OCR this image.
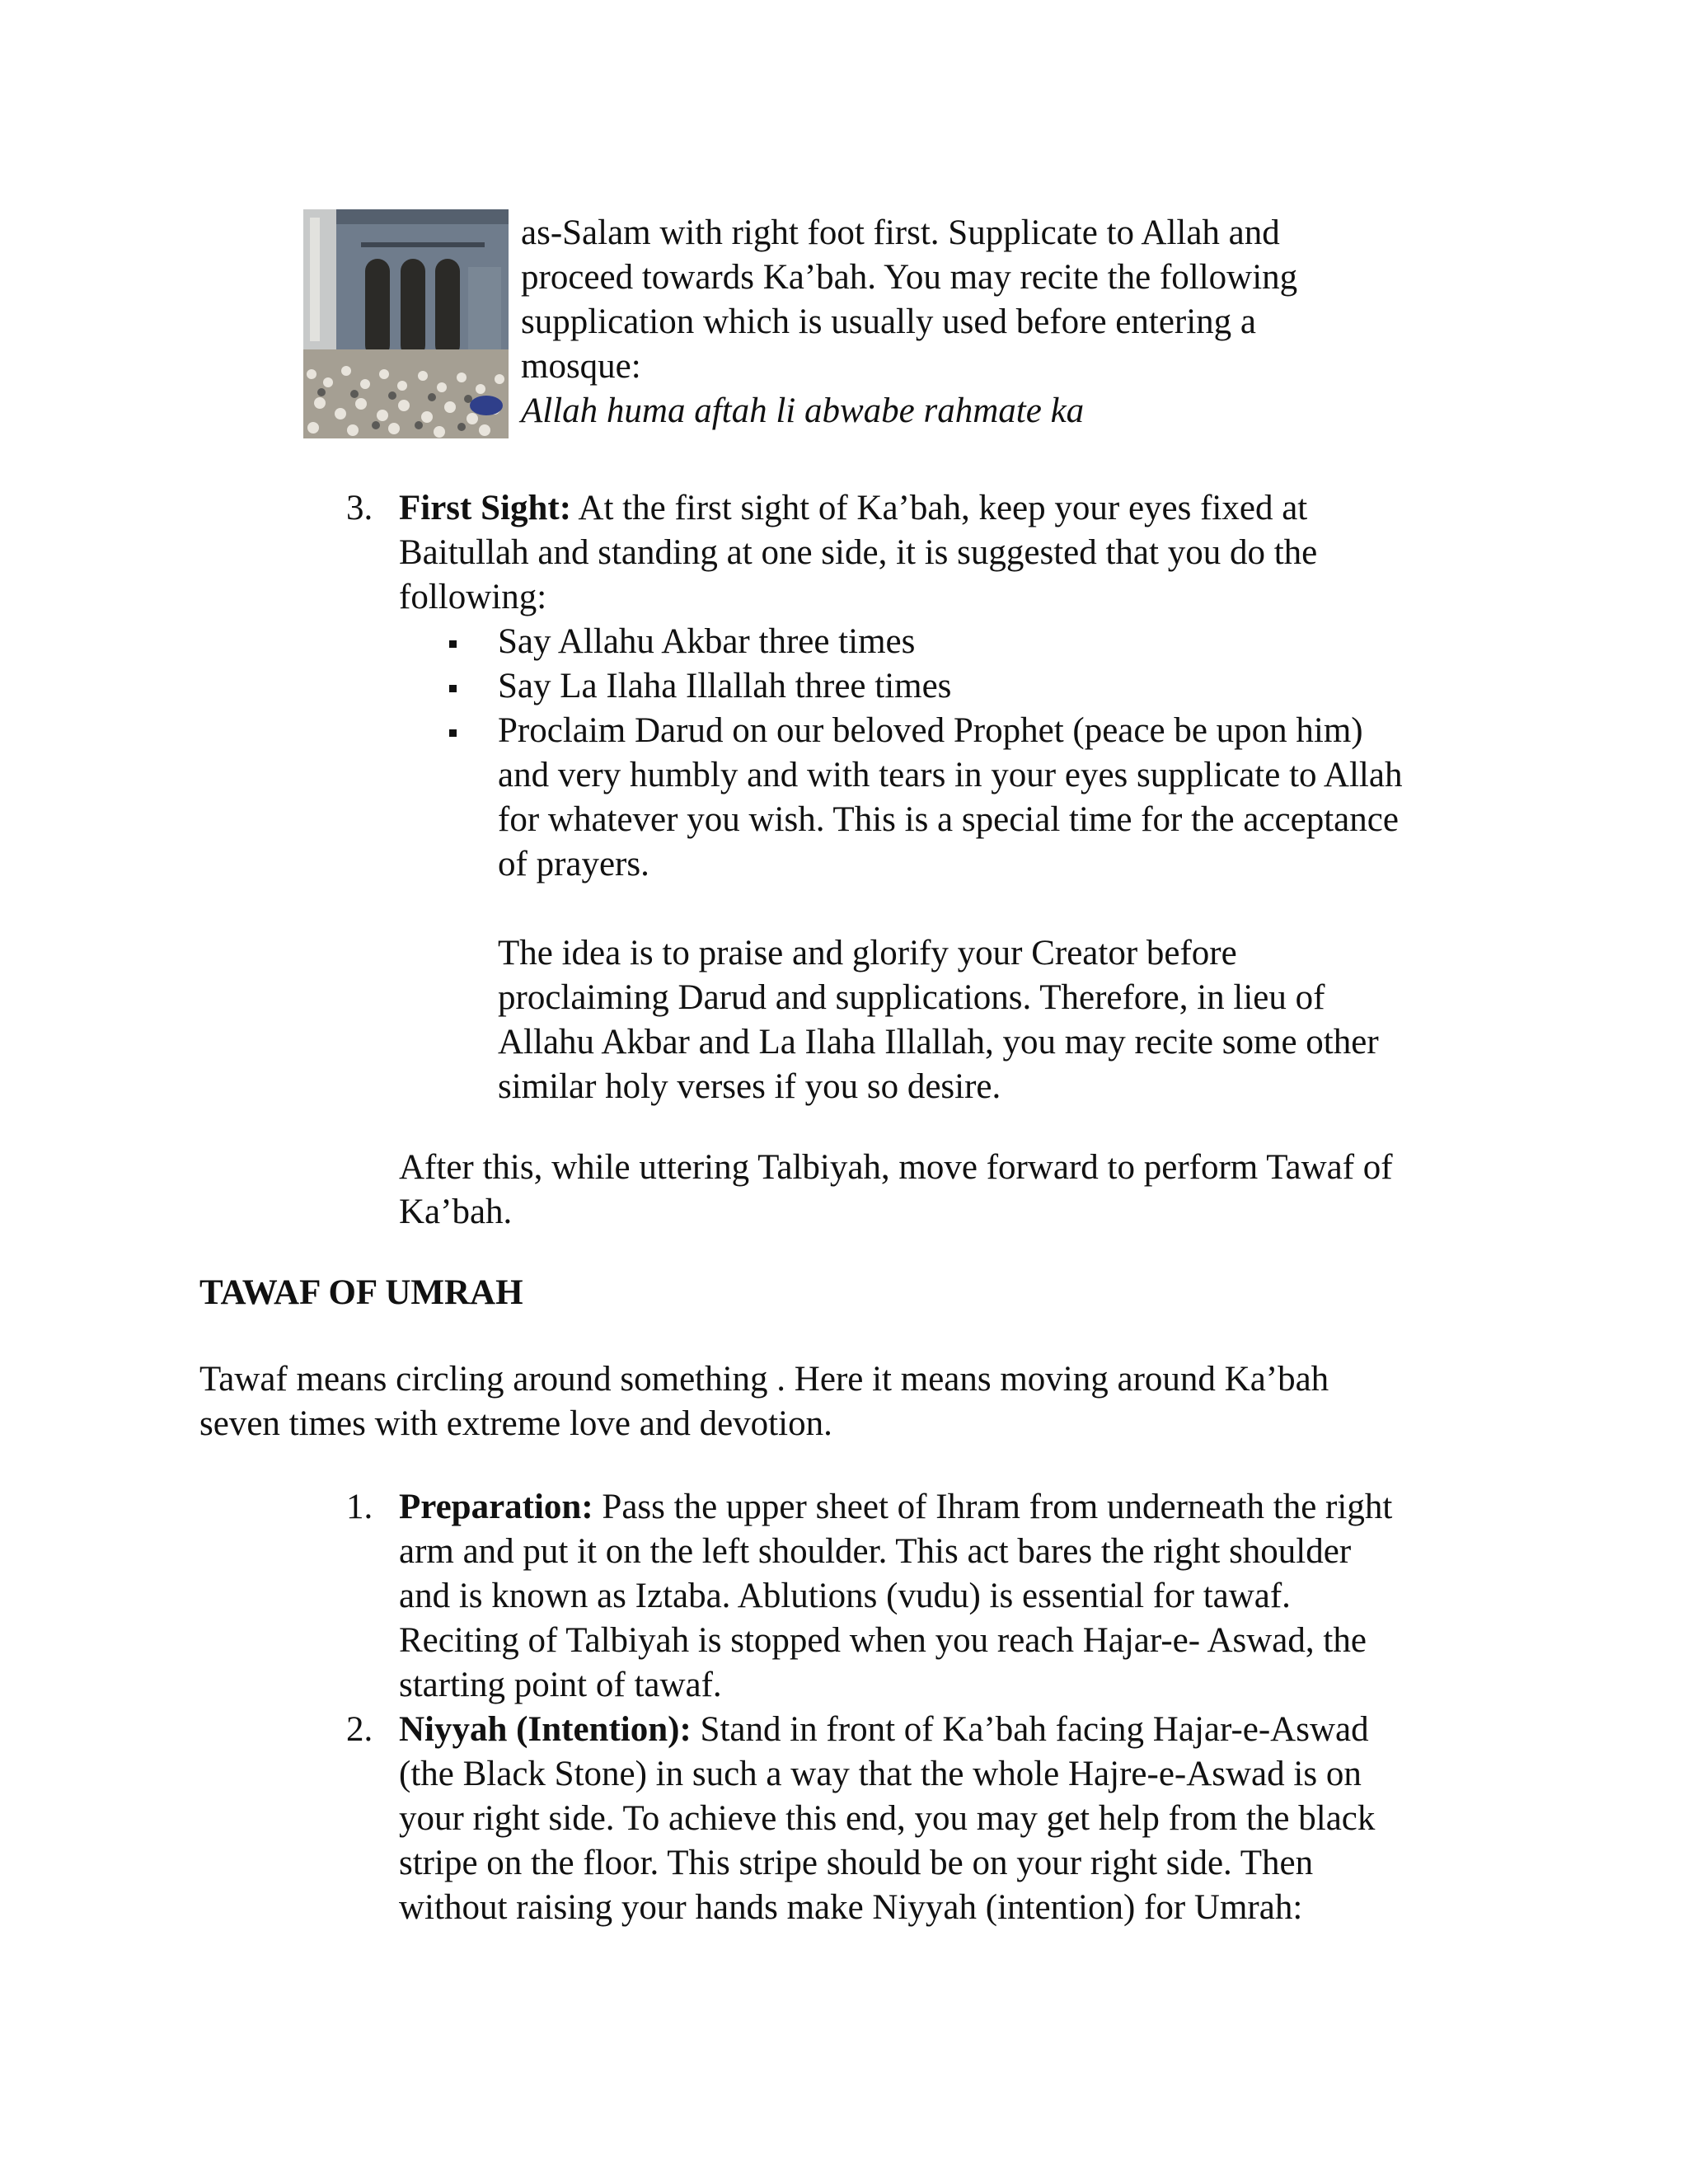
as-Salam with right foot first. Supplicate to Allah and
proceed towards Ka’bah. You may recite the following
supplication which is usually used before entering a
mosque:
Allah huma aftah li abwabe rahmate ka
3. First Sight: At the first sight of Ka’bah, keep your eyes fixed at
Baitullah and standing at one side, it is suggested that you do the
following:
Say Allahu Akbar three times
Say La Ilaha Illallah three times
Proclaim Darud on our beloved Prophet (peace be upon him)
and very humbly and with tears in your eyes supplicate to Allah
for whatever you wish. This is a special time for the acceptance
of prayers.
The idea is to praise and glorify your Creator before
proclaiming Darud and supplications. Therefore, in lieu of
Allahu Akbar and La Ilaha Illallah, you may recite some other
similar holy verses if you so desire.
After this, while uttering Talbiyah, move forward to perform Tawaf of
Ka’bah.
TAWAF OF UMRAH
Tawaf means circling around something . Here it means moving around Ka’bah
seven times with extreme love and devotion.
1. Preparation: Pass the upper sheet of Ihram from underneath the right
arm and put it on the left shoulder. This act bares the right shoulder
and is known as Iztaba. Ablutions (vudu) is essential for tawaf.
Reciting of Talbiyah is stopped when you reach Hajar-e- Aswad, the
starting point of tawaf.
2. Niyyah (Intention): Stand in front of Ka’bah facing Hajar-e-Aswad
(the Black Stone) in such a way that the whole Hajre-e-Aswad is on
your right side. To achieve this end, you may get help from the black
stripe on the floor. This stripe should be on your right side. Then
without raising your hands make Niyyah (intention) for Umrah:
